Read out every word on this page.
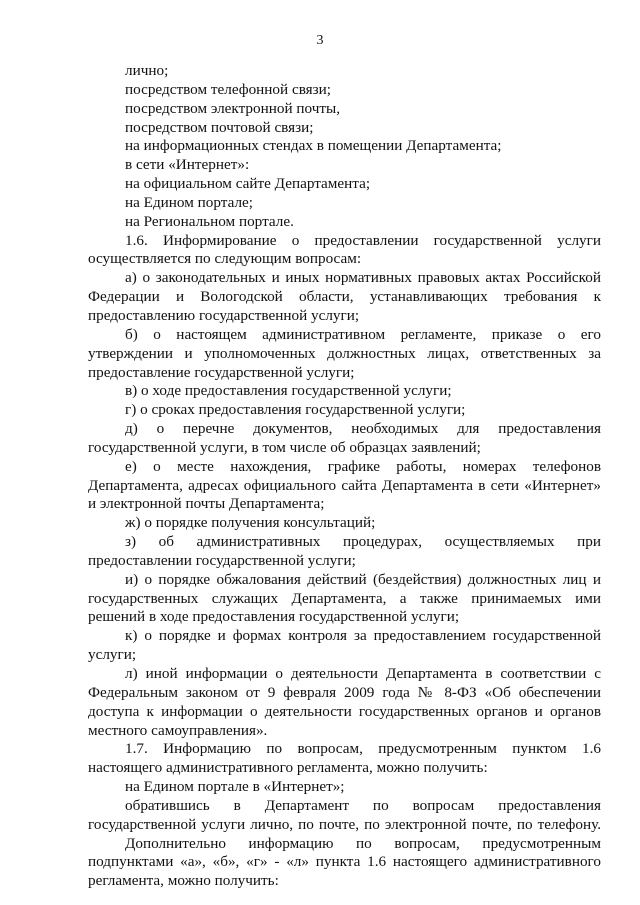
3
лично;
посредством телефонной связи;
посредством электронной почты,
посредством почтовой связи;
на информационных стендах в помещении Департамента;
в сети «Интернет»:
на официальном сайте Департамента;
на Едином портале;
на Региональном портале.
1.6. Информирование о предоставлении государственной услуги
осуществляется по следующим вопросам:
а) о законодательных и иных нормативных правовых актах Российской
Федерации и Вологодской области, устанавливающих требования к
предоставлению государственной услуги;
б) о настоящем административном регламенте, приказе о его
утверждении и уполномоченных должностных лицах, ответственных за
предоставление государственной услуги;
в) о ходе предоставления государственной услуги;
г) о сроках предоставления государственной услуги;
д) о перечне документов, необходимых для предоставления
государственной услуги, в том числе об образцах заявлений;
е) о месте нахождения, графике работы, номерах телефонов
Департамента, адресах официального сайта Департамента в сети «Интернет»
и электронной почты Департамента;
ж) о порядке получения консультаций;
з) об административных процедурах, осуществляемых при
предоставлении государственной услуги;
и) о порядке обжалования действий (бездействия) должностных лиц и
государственных служащих Департамента, а также принимаемых ими
решений в ходе предоставления государственной услуги;
к) о порядке и формах контроля за предоставлением государственной
услуги;
л) иной информации о деятельности Департамента в соответствии с
Федеральным законом от 9 февраля 2009 года № 8-ФЗ «Об обеспечении
доступа к информации о деятельности государственных органов и органов
местного самоуправления».
1.7. Информацию по вопросам, предусмотренным пунктом 1.6
настоящего административного регламента, можно получить:
на Едином портале в «Интернет»;
обратившись в Департамент по вопросам предоставления
государственной услуги лично, по почте, по электронной почте, по телефону.
Дополнительно информацию по вопросам, предусмотренным
подпунктами «а», «б», «г» - «л» пункта 1.6 настоящего административного
регламента, можно получить:
